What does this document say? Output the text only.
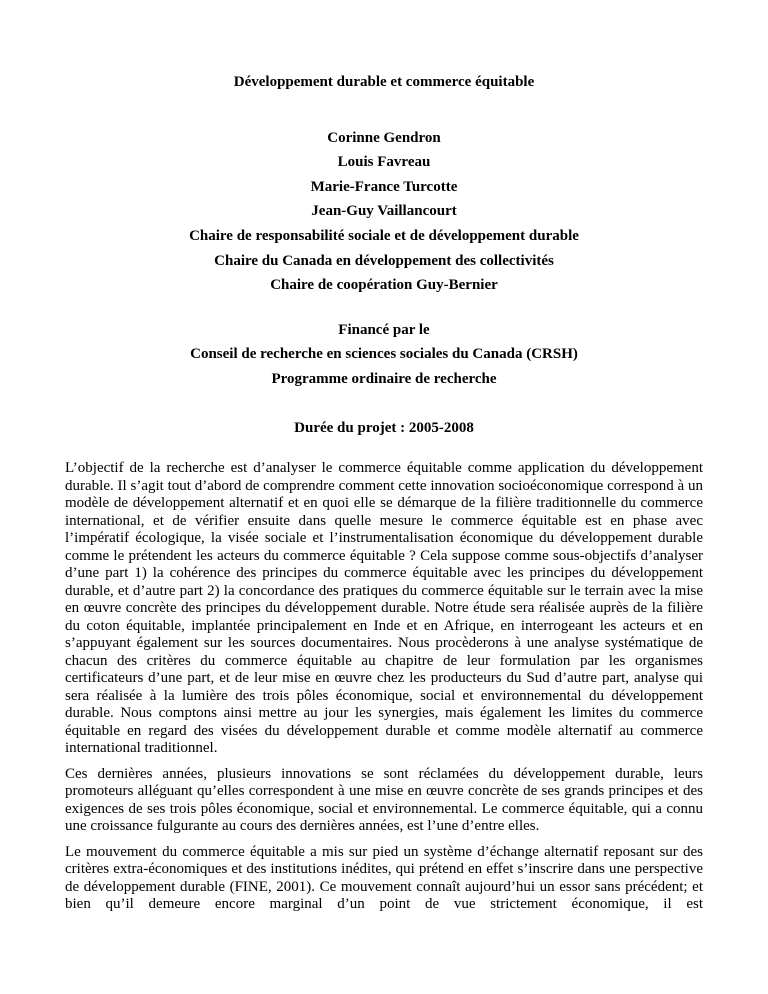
Développement durable et commerce équitable

Corinne Gendron

Louis Favreau

Marie-France Turcotte

Jean-Guy Vaillancourt

Chaire de responsabilité sociale et de développement durable

Chaire du Canada en développement des collectivités

Chaire de coopération Guy-Bernier

Financé par le

Conseil de recherche en sciences sociales du Canada (CRSH)

Programme ordinaire de recherche

Durée du projet : 2005-2008

L’objectif de la recherche est d’analyser le commerce équitable comme application du développement durable. Il s’agit tout d’abord de comprendre comment cette innovation socioéconomique correspond à un modèle de développement alternatif et en quoi elle se démarque de la filière traditionnelle du commerce international, et de vérifier ensuite dans quelle mesure le commerce équitable est en phase avec l’impératif écologique, la visée sociale et l’instrumentalisation économique du développement durable comme le prétendent les acteurs du commerce équitable ? Cela suppose comme sous-objectifs d’analyser d’une part 1) la cohérence des principes du commerce équitable avec les principes du développement durable, et d’autre part 2) la concordance des pratiques du commerce équitable sur le terrain avec la mise en œuvre concrète des principes du développement durable. Notre étude sera réalisée auprès de la filière du coton équitable, implantée principalement en Inde et en Afrique, en interrogeant les acteurs et en s’appuyant également sur les sources documentaires. Nous procèderons à une analyse systématique de chacun des critères du commerce équitable au chapitre de leur formulation par les organismes certificateurs d’une part, et de leur mise en œuvre chez les producteurs du Sud d’autre part, analyse qui sera réalisée à la lumière des trois pôles économique, social et environnemental du développement durable. Nous comptons ainsi mettre au jour les synergies, mais également les limites du commerce équitable en regard des visées du développement durable et comme modèle alternatif au commerce international traditionnel.

Ces dernières années, plusieurs innovations se sont réclamées du développement durable, leurs promoteurs alléguant qu’elles correspondent à une mise en œuvre concrète de ses grands principes et des exigences de ses trois pôles économique, social et environnemental. Le commerce équitable, qui a connu une croissance fulgurante au cours des dernières années, est l’une d’entre elles.

Le mouvement du commerce équitable a mis sur pied un système d’échange alternatif reposant sur des critères extra-économiques et des institutions inédites, qui prétend en effet s’inscrire dans une perspective de développement durable (FINE, 2001). Ce mouvement connaît aujourd’hui un essor sans précédent; et bien qu’il demeure encore marginal d’un point de vue strictement économique, il est
